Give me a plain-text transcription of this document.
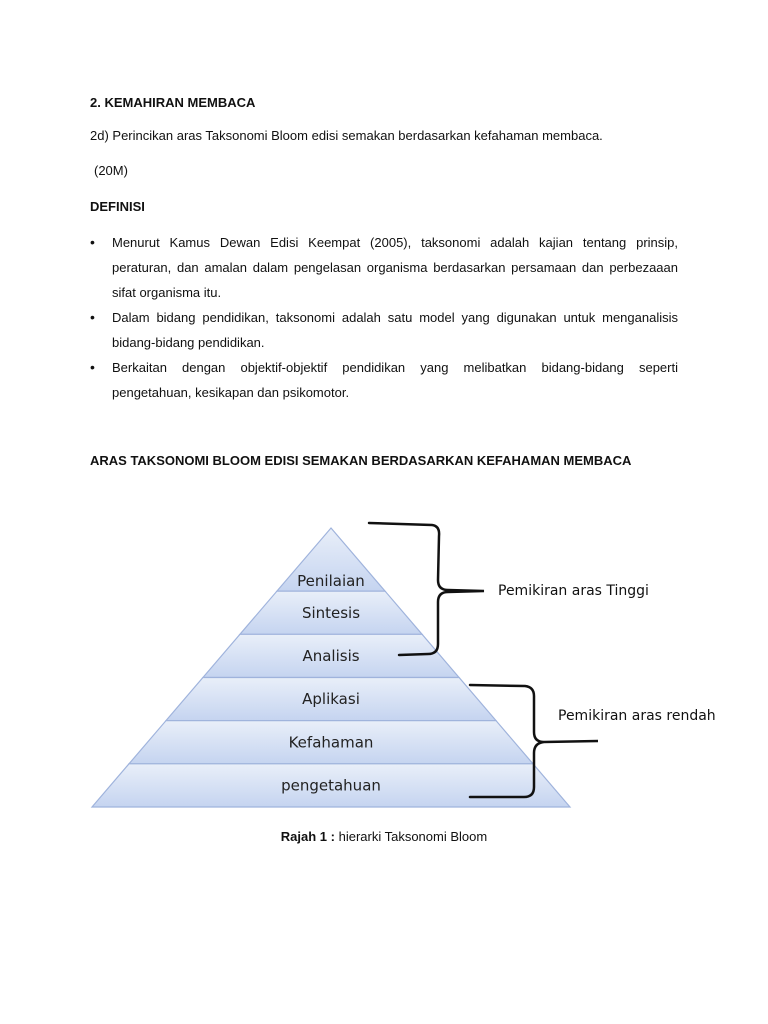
2. KEMAHIRAN MEMBACA
2d) Perincikan aras Taksonomi Bloom edisi semakan berdasarkan kefahaman membaca.
(20M)
DEFINISI
• Menurut Kamus Dewan Edisi Keempat (2005), taksonomi adalah kajian tentang prinsip, peraturan, dan amalan dalam pengelasan organisma berdasarkan persamaan dan perbezaaan sifat organisma itu.
• Dalam bidang pendidikan, taksonomi adalah satu model yang digunakan untuk menganalisis bidang-bidang pendidikan.
• Berkaitan dengan objektif-objektif pendidikan yang melibatkan bidang-bidang seperti pengetahuan, kesikapan dan psikomotor.
ARAS TAKSONOMI BLOOM EDISI SEMAKAN BERDASARKAN KEFAHAMAN MEMBACA
Penilaian
Sintesis
Analisis
Aplikasi
Kefahaman
pengetahuan
Pemikiran aras Tinggi
Pemikiran aras rendah
Rajah 1 : hierarki Taksonomi Bloom
